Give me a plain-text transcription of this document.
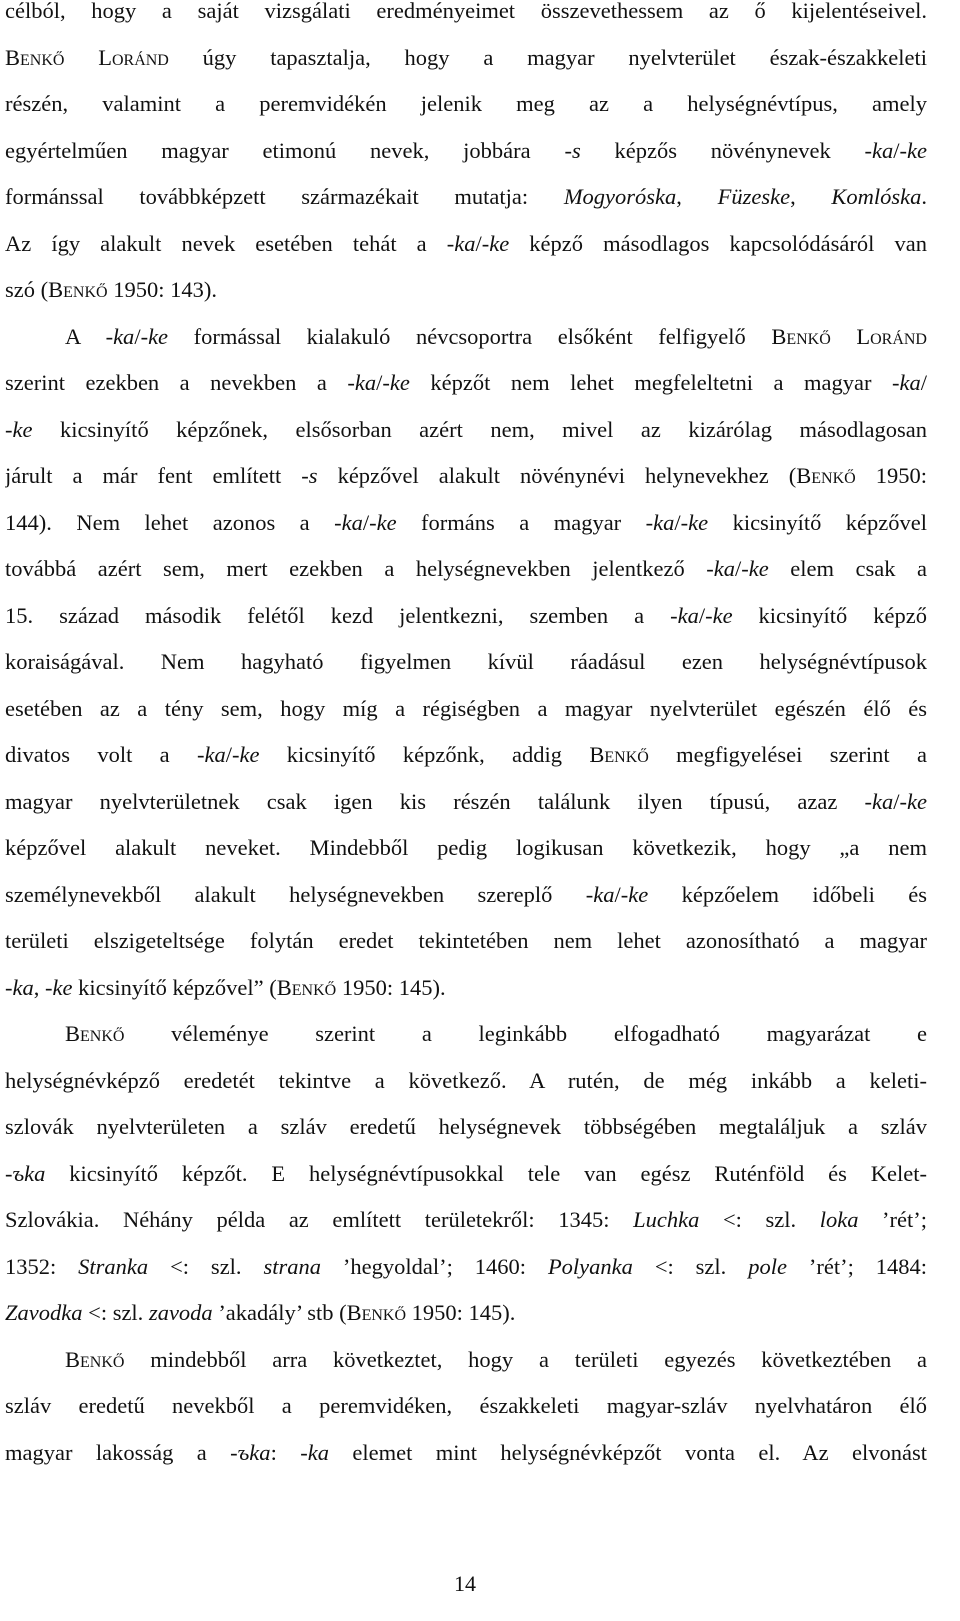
célból, hogy a saját vizsgálati eredményeimet összevethessem az ő kijelentéseivel.
Benkő Loránd úgy tapasztalja, hogy a magyar nyelvterület észak-északkeleti
részén, valamint a peremvidékén jelenik meg az a helységnévtípus, amely
egyértelműen magyar etimonú nevek, jobbára -s képzős növénynevek -ka/-ke
formánssal továbbképzett származékait mutatja: Mogyoróska, Füzeske, Komlóska.
Az így alakult nevek esetében tehát a -ka/-ke képző másodlagos kapcsolódásáról van
szó (Benkő 1950: 143).
A -ka/-ke formással kialakuló névcsoportra elsőként felfigyelő Benkő Loránd
szerint ezekben a nevekben a -ka/-ke képzőt nem lehet megfeleltetni a magyar -ka/
-ke kicsinyítő képzőnek, elsősorban azért nem, mivel az kizárólag másodlagosan
járult a már fent említett -s képzővel alakult növénynévi helynevekhez (Benkő 1950:
144). Nem lehet azonos a -ka/-ke formáns a magyar -ka/-ke kicsinyítő képzővel
továbbá azért sem, mert ezekben a helységnevekben jelentkező -ka/-ke elem csak a
15. század második felétől kezd jelentkezni, szemben a -ka/-ke kicsinyítő képző
koraiságával. Nem hagyható figyelmen kívül ráadásul ezen helységnévtípusok
esetében az a tény sem, hogy míg a régiségben a magyar nyelvterület egészén élő és
divatos volt a -ka/-ke kicsinyítő képzőnk, addig Benkő megfigyelései szerint a
magyar nyelvterületnek csak igen kis részén találunk ilyen típusú, azaz -ka/-ke
képzővel alakult neveket. Mindebből pedig logikusan következik, hogy „a nem
személynevekből alakult helységnevekben szereplő -ka/-ke képzőelem időbeli és
területi elszigeteltsége folytán eredet tekintetében nem lehet azonosítható a magyar
-ka, -ke kicsinyítő képzővel” (Benkő 1950: 145).
Benkő véleménye szerint a leginkább elfogadható magyarázat e
helységnévképző eredetét tekintve a következő. A rutén, de még inkább a keleti-
szlovák nyelvterületen a szláv eredetű helységnevek többségében megtaláljuk a szláv
-ъka kicsinyítő képzőt. E helységnévtípusokkal tele van egész Ruténföld és Kelet-
Szlovákia. Néhány példa az említett területekről: 1345: Luchka <: szl. loka ’rét’;
1352: Stranka <: szl. strana ’hegyoldal’; 1460: Polyanka <: szl. pole ’rét’; 1484:
Zavodka <: szl. zavoda ’akadály’ stb (Benkő 1950: 145).
Benkő mindebből arra következtet, hogy a területi egyezés következtében a
szláv eredetű nevekből a peremvidéken, északkeleti magyar-szláv nyelvhatáron élő
magyar lakosság a -ъka: -ka elemet mint helységnévképzőt vonta el. Az elvonást
14
